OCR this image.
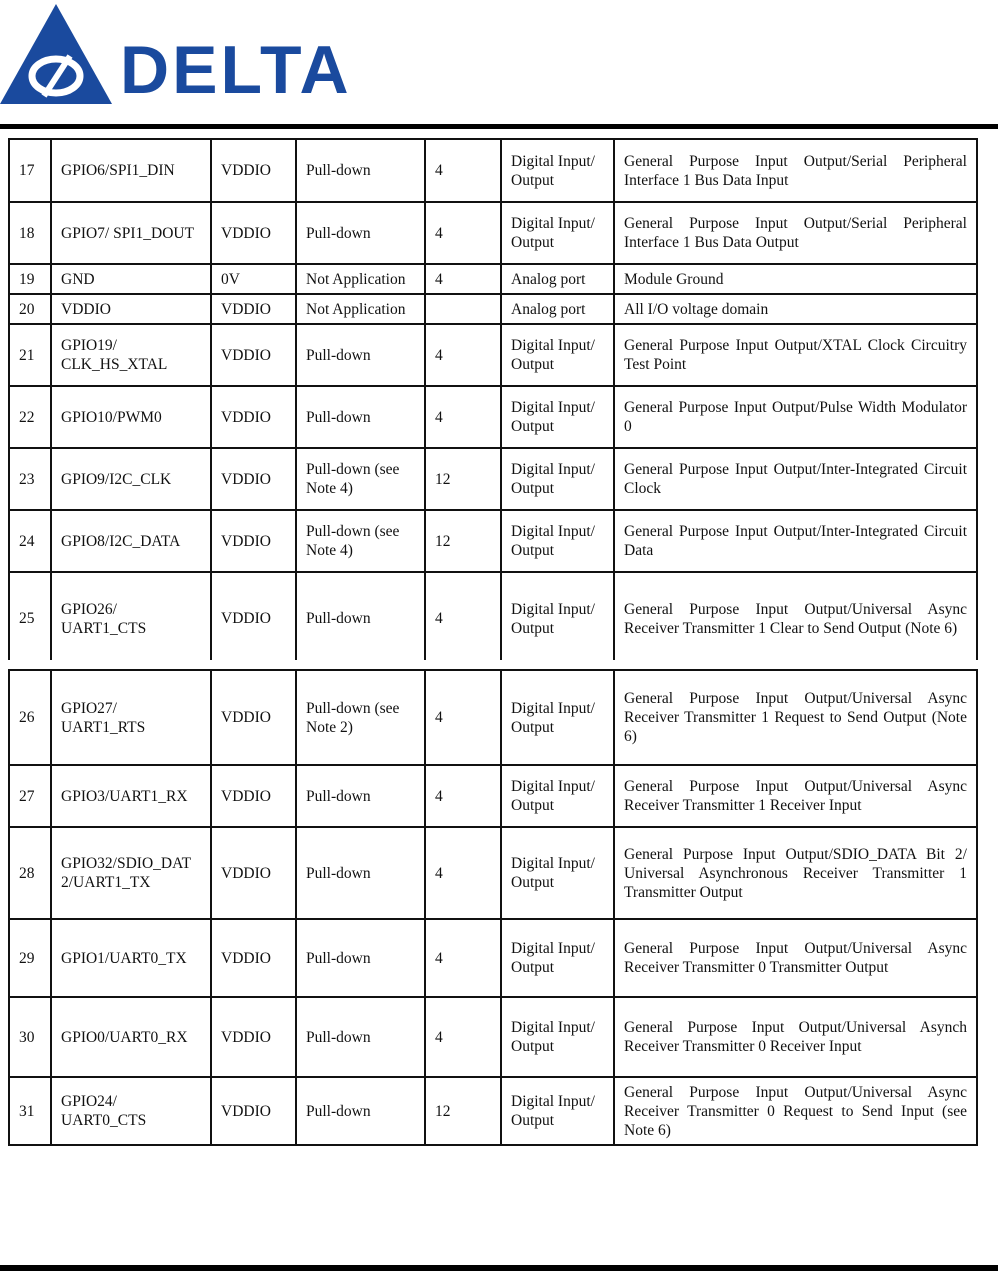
DELTA
17	GPIO6/SPI1_DIN	VDDIO	Pull-down	4	Digital Input/ Output	General Purpose Input Output/Serial Peripheral Interface 1 Bus Data Input
18	GPIO7/ SPI1_DOUT	VDDIO	Pull-down	4	Digital Input/ Output	General Purpose Input Output/Serial Peripheral Interface 1 Bus Data Output
19	GND	0V	Not Application	4	Analog port	Module Ground
20	VDDIO	VDDIO	Not Application		Analog port	All I/O voltage domain
21	GPIO19/ CLK_HS_XTAL	VDDIO	Pull-down	4	Digital Input/ Output	General Purpose Input Output/XTAL Clock Circuitry Test Point
22	GPIO10/PWM0	VDDIO	Pull-down	4	Digital Input/ Output	General Purpose Input Output/Pulse Width Modulator 0
23	GPIO9/I2C_CLK	VDDIO	Pull-down (see Note 4)	12	Digital Input/ Output	General Purpose Input Output/Inter-Integrated Circuit Clock
24	GPIO8/I2C_DATA	VDDIO	Pull-down (see Note 4)	12	Digital Input/ Output	General Purpose Input Output/Inter-Integrated Circuit Data
25	GPIO26/ UART1_CTS	VDDIO	Pull-down	4	Digital Input/ Output	General Purpose Input Output/Universal Async Receiver Transmitter 1 Clear to Send Output (Note 6)
26	GPIO27/ UART1_RTS	VDDIO	Pull-down (see Note 2)	4	Digital Input/ Output	General Purpose Input Output/Universal Async Receiver Transmitter 1 Request to Send Output (Note 6)
27	GPIO3/UART1_RX	VDDIO	Pull-down	4	Digital Input/ Output	General Purpose Input Output/Universal Async Receiver Transmitter 1 Receiver Input
28	GPIO32/SDIO_DAT 2/UART1_TX	VDDIO	Pull-down	4	Digital Input/ Output	General Purpose Input Output/SDIO_DATA Bit 2/ Universal Asynchronous Receiver Transmitter 1 Transmitter Output
29	GPIO1/UART0_TX	VDDIO	Pull-down	4	Digital Input/ Output	General Purpose Input Output/Universal Async Receiver Transmitter 0 Transmitter Output
30	GPIO0/UART0_RX	VDDIO	Pull-down	4	Digital Input/ Output	General Purpose Input Output/Universal Asynch Receiver Transmitter 0 Receiver Input
31	GPIO24/ UART0_CTS	VDDIO	Pull-down	12	Digital Input/ Output	General Purpose Input Output/Universal Async Receiver Transmitter 0 Request to Send Input (see Note 6)
